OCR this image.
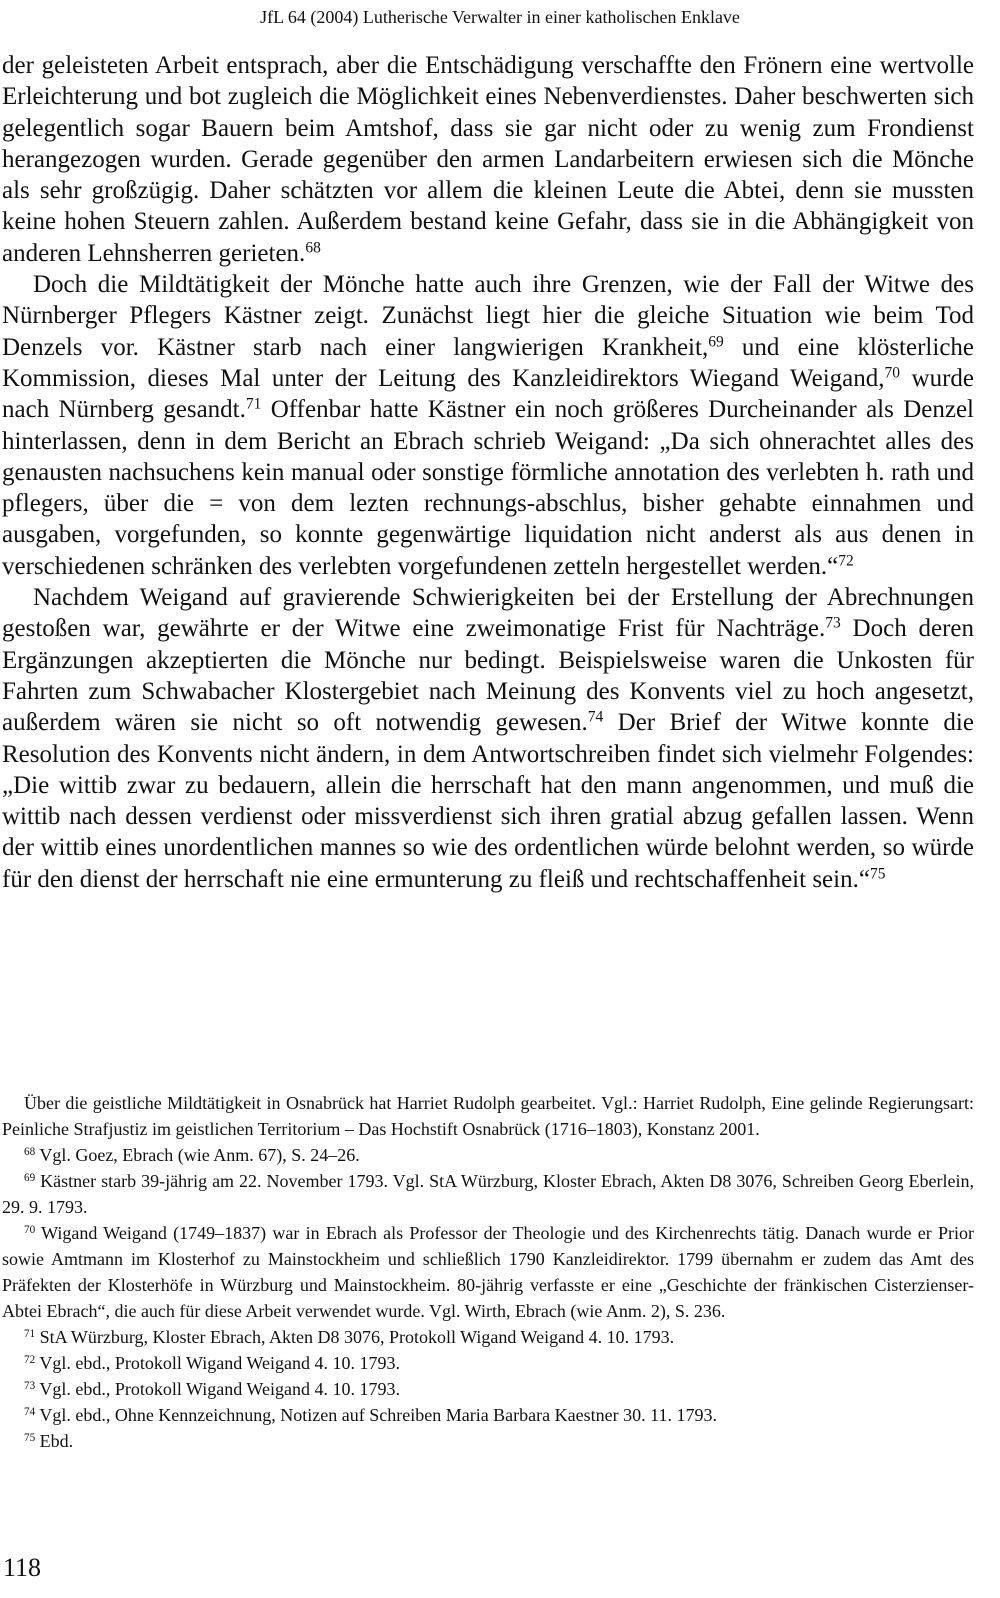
JfL 64 (2004) Lutherische Verwalter in einer katholischen Enklave

der geleisteten Arbeit entsprach, aber die Entschädigung verschaffte den Frönern eine wertvolle Erleichterung und bot zugleich die Möglichkeit eines Nebenverdienstes. Daher beschwerten sich gelegentlich sogar Bauern beim Amtshof, dass sie gar nicht oder zu wenig zum Frondienst herangezogen wurden. Gerade gegenüber den armen Landarbeitern erwiesen sich die Mönche als sehr großzügig. Daher schätzten vor allem die kleinen Leute die Abtei, denn sie mussten keine hohen Steuern zahlen. Außerdem bestand keine Gefahr, dass sie in die Abhängigkeit von anderen Lehnsherren gerieten.$^{68}$

Doch die Mildtätigkeit der Mönche hatte auch ihre Grenzen, wie der Fall der Witwe des Nürnberger Pflegers Kästner zeigt. Zunächst liegt hier die gleiche Situation wie beim Tod Denzels vor. Kästner starb nach einer langwierigen Krankheit,$^{69}$ und eine klösterliche Kommission, dieses Mal unter der Leitung des Kanzleidirektors Wiegand Weigand,$^{70}$ wurde nach Nürnberg gesandt.$^{71}$ Offenbar hatte Kästner ein noch größeres Durcheinander als Denzel hinterlassen, denn in dem Bericht an Ebrach schrieb Weigand: „Da sich ohnerachtet alles des genausten nachsuchens kein manual oder sonstige förmliche annotation des verlebten h. rath und pflegers, über die = von dem lezten rechnungs-abschlus, bisher gehabte einnahmen und ausgaben, vorgefunden, so konnte gegenwärtige liquidation nicht anderst als aus denen in verschiedenen schränken des verlebten vorgefundenen zetteln hergestellet werden.“$^{72}$

Nachdem Weigand auf gravierende Schwierigkeiten bei der Erstellung der Abrechnungen gestoßen war, gewährte er der Witwe eine zweimonatige Frist für Nachträge.$^{73}$ Doch deren Ergänzungen akzeptierten die Mönche nur bedingt. Beispielsweise waren die Unkosten für Fahrten zum Schwabacher Klostergebiet nach Meinung des Konvents viel zu hoch angesetzt, außerdem wären sie nicht so oft notwendig gewesen.$^{74}$ Der Brief der Witwe konnte die Resolution des Konvents nicht ändern, in dem Antwortschreiben findet sich vielmehr Folgendes: „Die wittib zwar zu bedauern, allein die herrschaft hat den mann angenommen, und muß die wittib nach dessen verdienst oder missverdienst sich ihren gratial abzug gefallen lassen. Wenn der wittib eines unordentlichen mannes so wie des ordentlichen würde belohnt werden, so würde für den dienst der herrschaft nie eine ermunterung zu fleiß und rechtschaffenheit sein.“$^{75}$

Über die geistliche Mildtätigkeit in Osnabrück hat Harriet Rudolph gearbeitet. Vgl.: Harriet Rudolph, Eine gelinde Regierungsart: Peinliche Strafjustiz im geistlichen Territorium – Das Hochstift Osnabrück (1716–1803), Konstanz 2001.

$^{68}$ Vgl. Goez, Ebrach (wie Anm. 67), S. 24–26.

$^{69}$ Kästner starb 39-jährig am 22. November 1793. Vgl. StA Würzburg, Kloster Ebrach, Akten D8 3076, Schreiben Georg Eberlein, 29. 9. 1793.

$^{70}$ Wigand Weigand (1749–1837) war in Ebrach als Professor der Theologie und des Kirchenrechts tätig. Danach wurde er Prior sowie Amtmann im Klosterhof zu Mainstockheim und schließlich 1790 Kanzleidirektor. 1799 übernahm er zudem das Amt des Präfekten der Klosterhöfe in Würzburg und Mainstockheim. 80-jährig verfasste er eine „Geschichte der fränkischen Cisterzienser-Abtei Ebrach“, die auch für diese Arbeit verwendet wurde. Vgl. Wirth, Ebrach (wie Anm. 2), S. 236.

$^{71}$ StA Würzburg, Kloster Ebrach, Akten D8 3076, Protokoll Wigand Weigand 4. 10. 1793.

$^{72}$ Vgl. ebd., Protokoll Wigand Weigand 4. 10. 1793.

$^{73}$ Vgl. ebd., Protokoll Wigand Weigand 4. 10. 1793.

$^{74}$ Vgl. ebd., Ohne Kennzeichnung, Notizen auf Schreiben Maria Barbara Kaestner 30. 11. 1793.

$^{75}$ Ebd.

118
